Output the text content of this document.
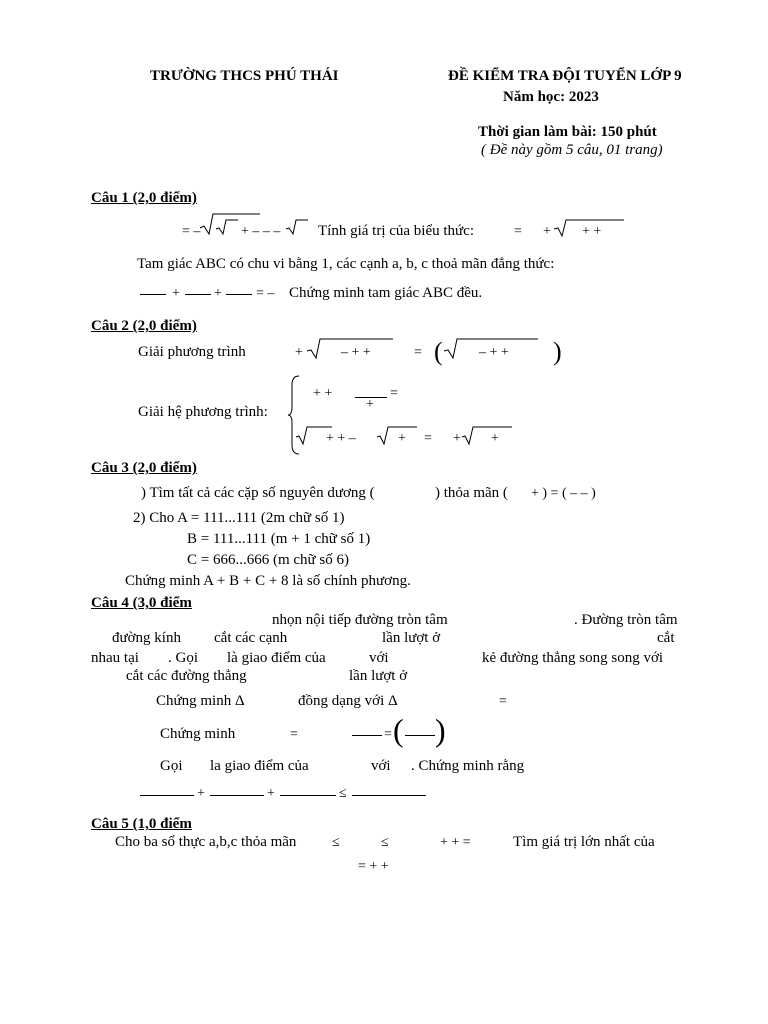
TRƯỜNG THCS PHÚ THÁI	ĐỀ KIỂM TRA ĐỘI TUYỂN LỚP 9
Năm học: 2023
Thời gian làm bài: 150 phút
( Đề này gồm 5 câu, 01 trang)
Câu 1 (2,0 điểm)
= –	+ – – –	Tính giá trị của biểu thức:	= + + +
Tam giác ABC có chu vi bằng 1, các cạnh a, b, c thoả mãn đẳng thức:
+ + = – Chứng minh tam giác ABC đều.
Câu 2 (2,0 điểm)
Giải phương trình	+	– + +	= (	– + + )
Giải hệ phương trình:
+ +	=
+
+ + –	+ = + +
Câu 3 (2,0 điểm)
) Tìm tất cả các cặp số nguyên dương (	) thỏa mãn ( + ) = ( – – )
2) Cho A = 111...111 (2m chữ số 1)
B = 111...111 (m + 1 chữ số 1)
C = 666...666 (m chữ số 6)
Chứng minh A + B + C + 8 là số chính phương.
Câu 4 (3,0 điểm
nhọn nội tiếp đường tròn tâm	. Đường tròn tâm
đường kính cắt các cạnh	lần lượt ở	cắt
nhau tại . Gọi là giao điểm của	với	kẻ đường thẳng song song với
cắt các đường thẳng	lần lượt ở
Chứng minh Δ	đồng dạng với Δ	=
Chứng minh	=	= ( )
Gọi la giao điểm của	với . Chứng minh rằng
+	+	≤
Câu 5 (1,0 điểm
Cho ba số thực a,b,c thỏa mãn	≤	≤	+ + =	Tìm giá trị lớn nhất của
= + +
